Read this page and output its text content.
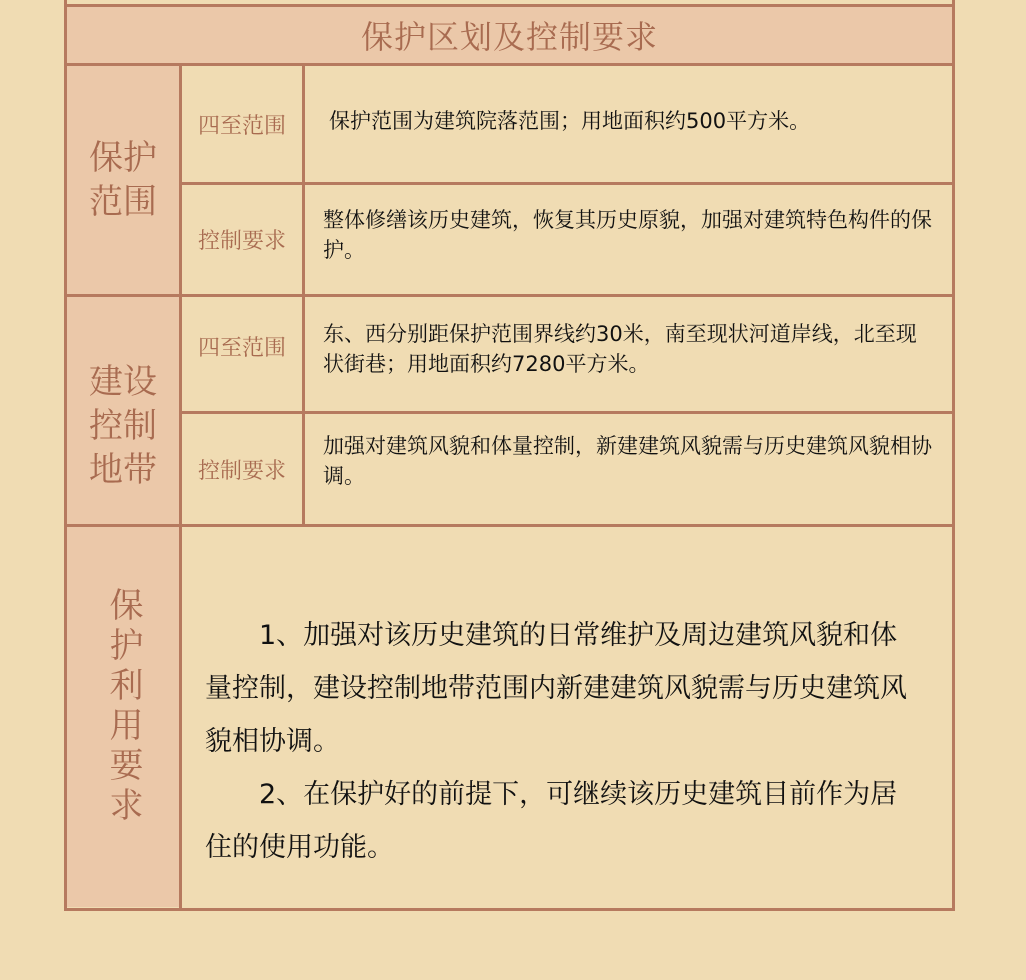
保护区划及控制要求
保护
范围
四至范围	保护范围为建筑院落范围；用地面积约500平方米。
控制要求
整体修缮该历史建筑，恢复其历史原貌，加强对建筑特色构件的保护。
建设
控制
地带
四至范围
东、西分别距保护范围界线约30米，南至现状河道岸线，北至现状街巷；用地面积约7280平方米。
控制要求
加强对建筑风貌和体量控制，新建建筑风貌需与历史建筑风貌相协调。
保护利用要求	1、加强对该历史建筑的日常维护及周边建筑风貌和体量控制，建设控制地带范围内新建建筑风貌需与历史建筑风貌相协调。

2、在保护好的前提下，可继续该历史建筑目前作为居住的使用功能。
